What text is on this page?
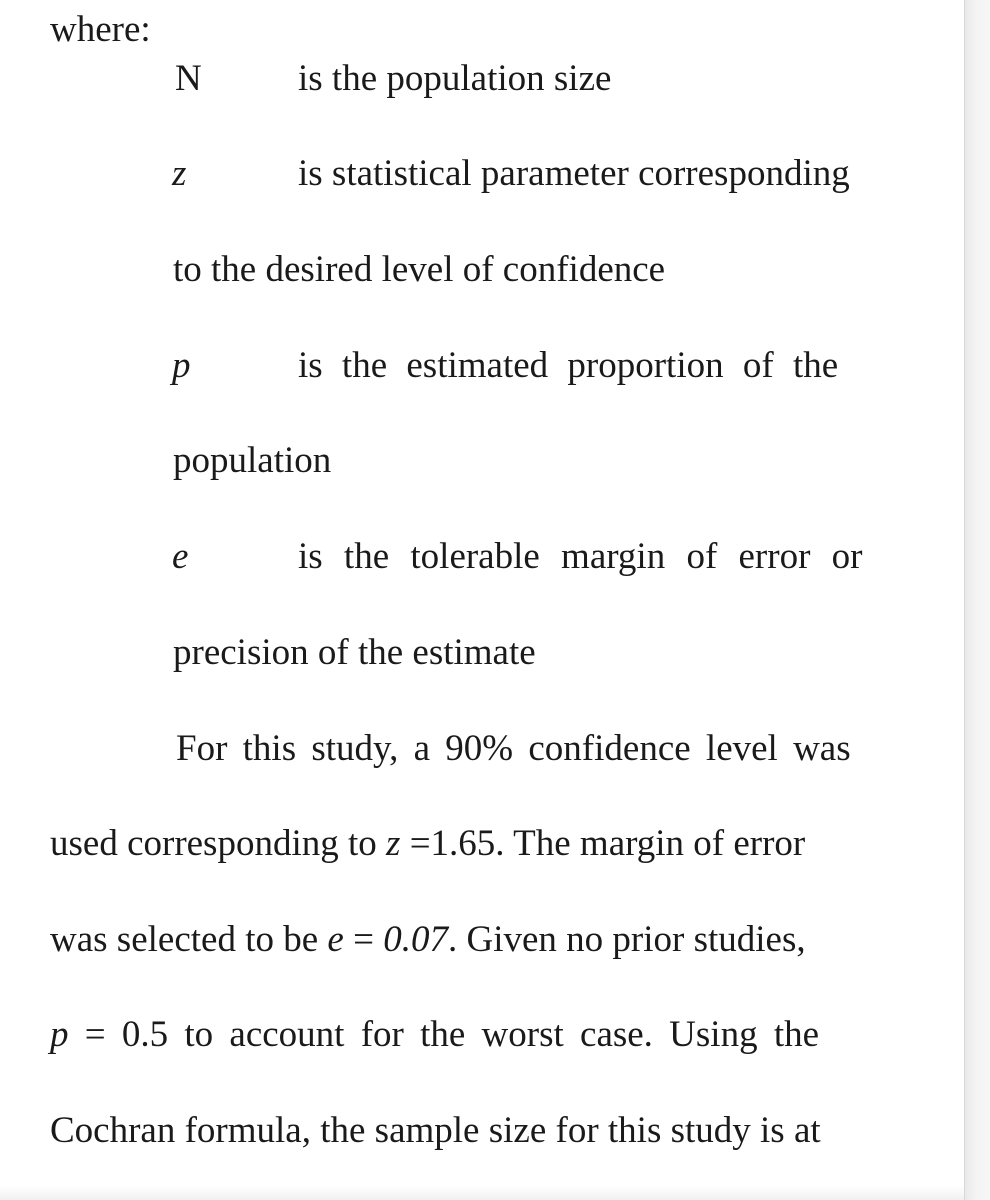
where:
N	is the population size
z	is statistical parameter corresponding
to the desired level of confidence
p	is the estimated proportion of the
population
e	is the tolerable margin of error or
precision of the estimate
For this study, a 90% confidence level was
used corresponding to z =1.65. The margin of error
was selected to be e = 0.07. Given no prior studies,
p = 0.5 to account for the worst case. Using the
Cochran formula, the sample size for this study is at
